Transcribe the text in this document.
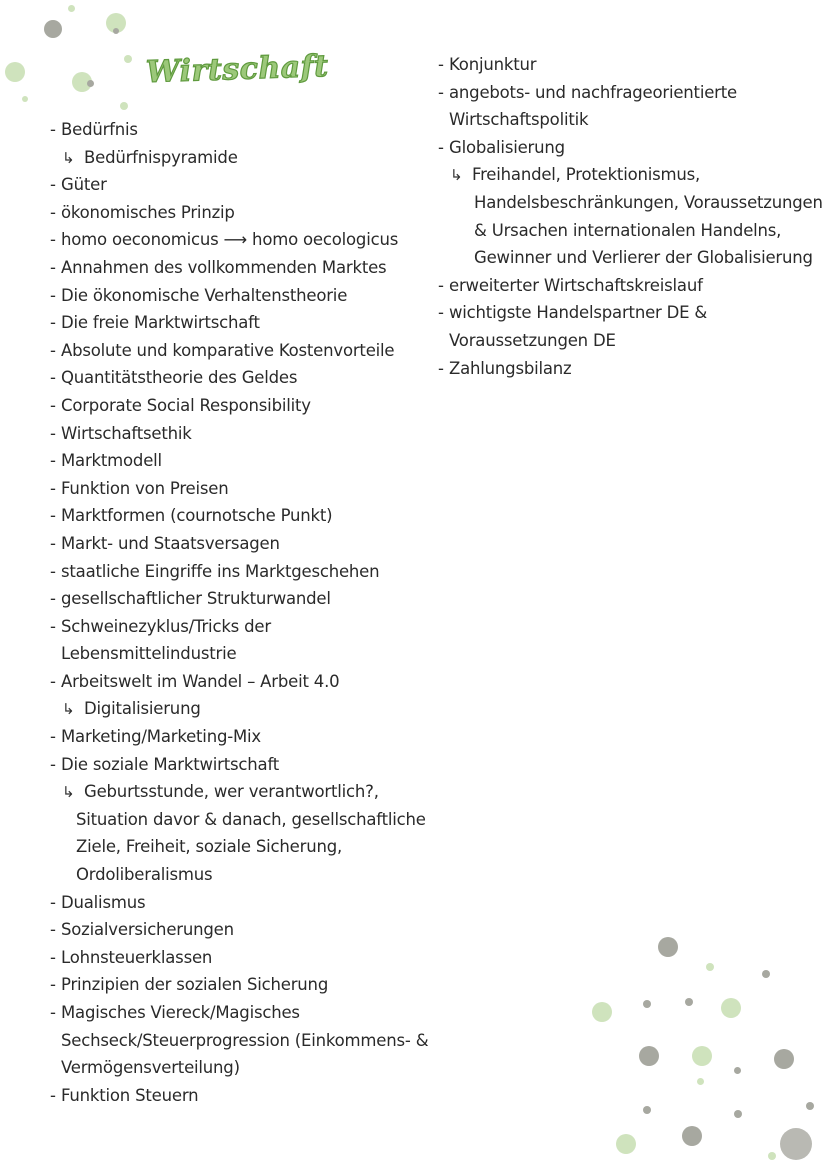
Wirtschaft
- Bedürfnis
↳ Bedürfnispyramide
- Güter
- ökonomisches Prinzip
- homo oeconomicus ⟶ homo oecologicus
- Annahmen des vollkommenden Marktes
- Die ökonomische Verhaltenstheorie
- Die freie Marktwirtschaft
- Absolute und komparative Kostenvorteile
- Quantitätstheorie des Geldes
- Corporate Social Responsibility
- Wirtschaftsethik
- Marktmodell
- Funktion von Preisen
- Marktformen (cournotsche Punkt)
- Markt- und Staatsversagen
- staatliche Eingriffe ins Marktgeschehen
- gesellschaftlicher Strukturwandel
- Schweinezyklus/Tricks der
Lebensmittelindustrie
- Arbeitswelt im Wandel – Arbeit 4.0
↳ Digitalisierung
- Marketing/Marketing-Mix
- Die soziale Marktwirtschaft
↳ Geburtsstunde, wer verantwortlich?,
Situation davor & danach, gesellschaftliche
Ziele, Freiheit, soziale Sicherung,
Ordoliberalismus
- Dualismus
- Sozialversicherungen
- Lohnsteuerklassen
- Prinzipien der sozialen Sicherung
- Magisches Viereck/Magisches
Sechseck/Steuerprogression (Einkommens- &
Vermögensverteilung)
- Funktion Steuern
- Konjunktur
- angebots- und nachfrageorientierte
Wirtschaftspolitik
- Globalisierung
↳ Freihandel, Protektionismus,
Handelsbeschränkungen, Voraussetzungen
& Ursachen internationalen Handelns,
Gewinner und Verlierer der Globalisierung
- erweiterter Wirtschaftskreislauf
- wichtigste Handelspartner DE &
Voraussetzungen DE
- Zahlungsbilanz
